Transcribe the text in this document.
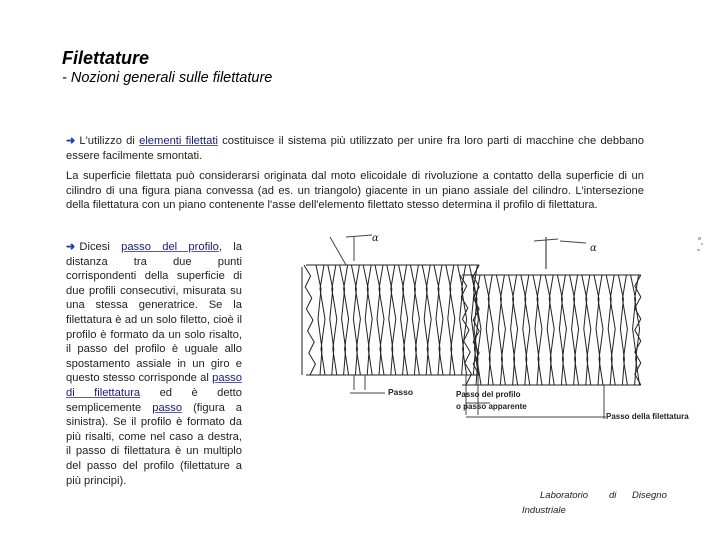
Filettature
- Nozioni generali sulle filettature
➜ L'utilizzo di elementi filettati costituisce il sistema più utilizzato per unire fra loro parti di macchine che debbano essere facilmente smontati.
La superficie filettata può considerarsi originata dal moto elicoidale di rivoluzione a contatto della superficie di un cilindro di una figura piana convessa (ad es. un triangolo) giacente in un piano assiale del cilindro. L'intersezione della filettatura con un piano contenente l'asse dell'elemento filettato stesso determina il profilo di filettatura.
➜ Dicesi passo del profilo, la distanza tra due punti corrispondenti della superficie di due profili consecutivi, misurata su una stessa generatrice. Se la filettatura è ad un solo filetto, cioè il profilo è formato da un solo risalto, il passo del profilo è uguale allo spostamento assiale in un giro e questo stesso corrisponde al passo di filettatura ed è detto semplicemente passo (figura a sinistra). Se il profilo è formato da più risalti, come nel caso a destra, il passo di filettatura è un multiplo del passo del profilo (filettature a più principi).
α
Passo
α
Passo del profilo
o passo apparente
Passo della filettatura
Laboratorio di Disegno
Industriale
